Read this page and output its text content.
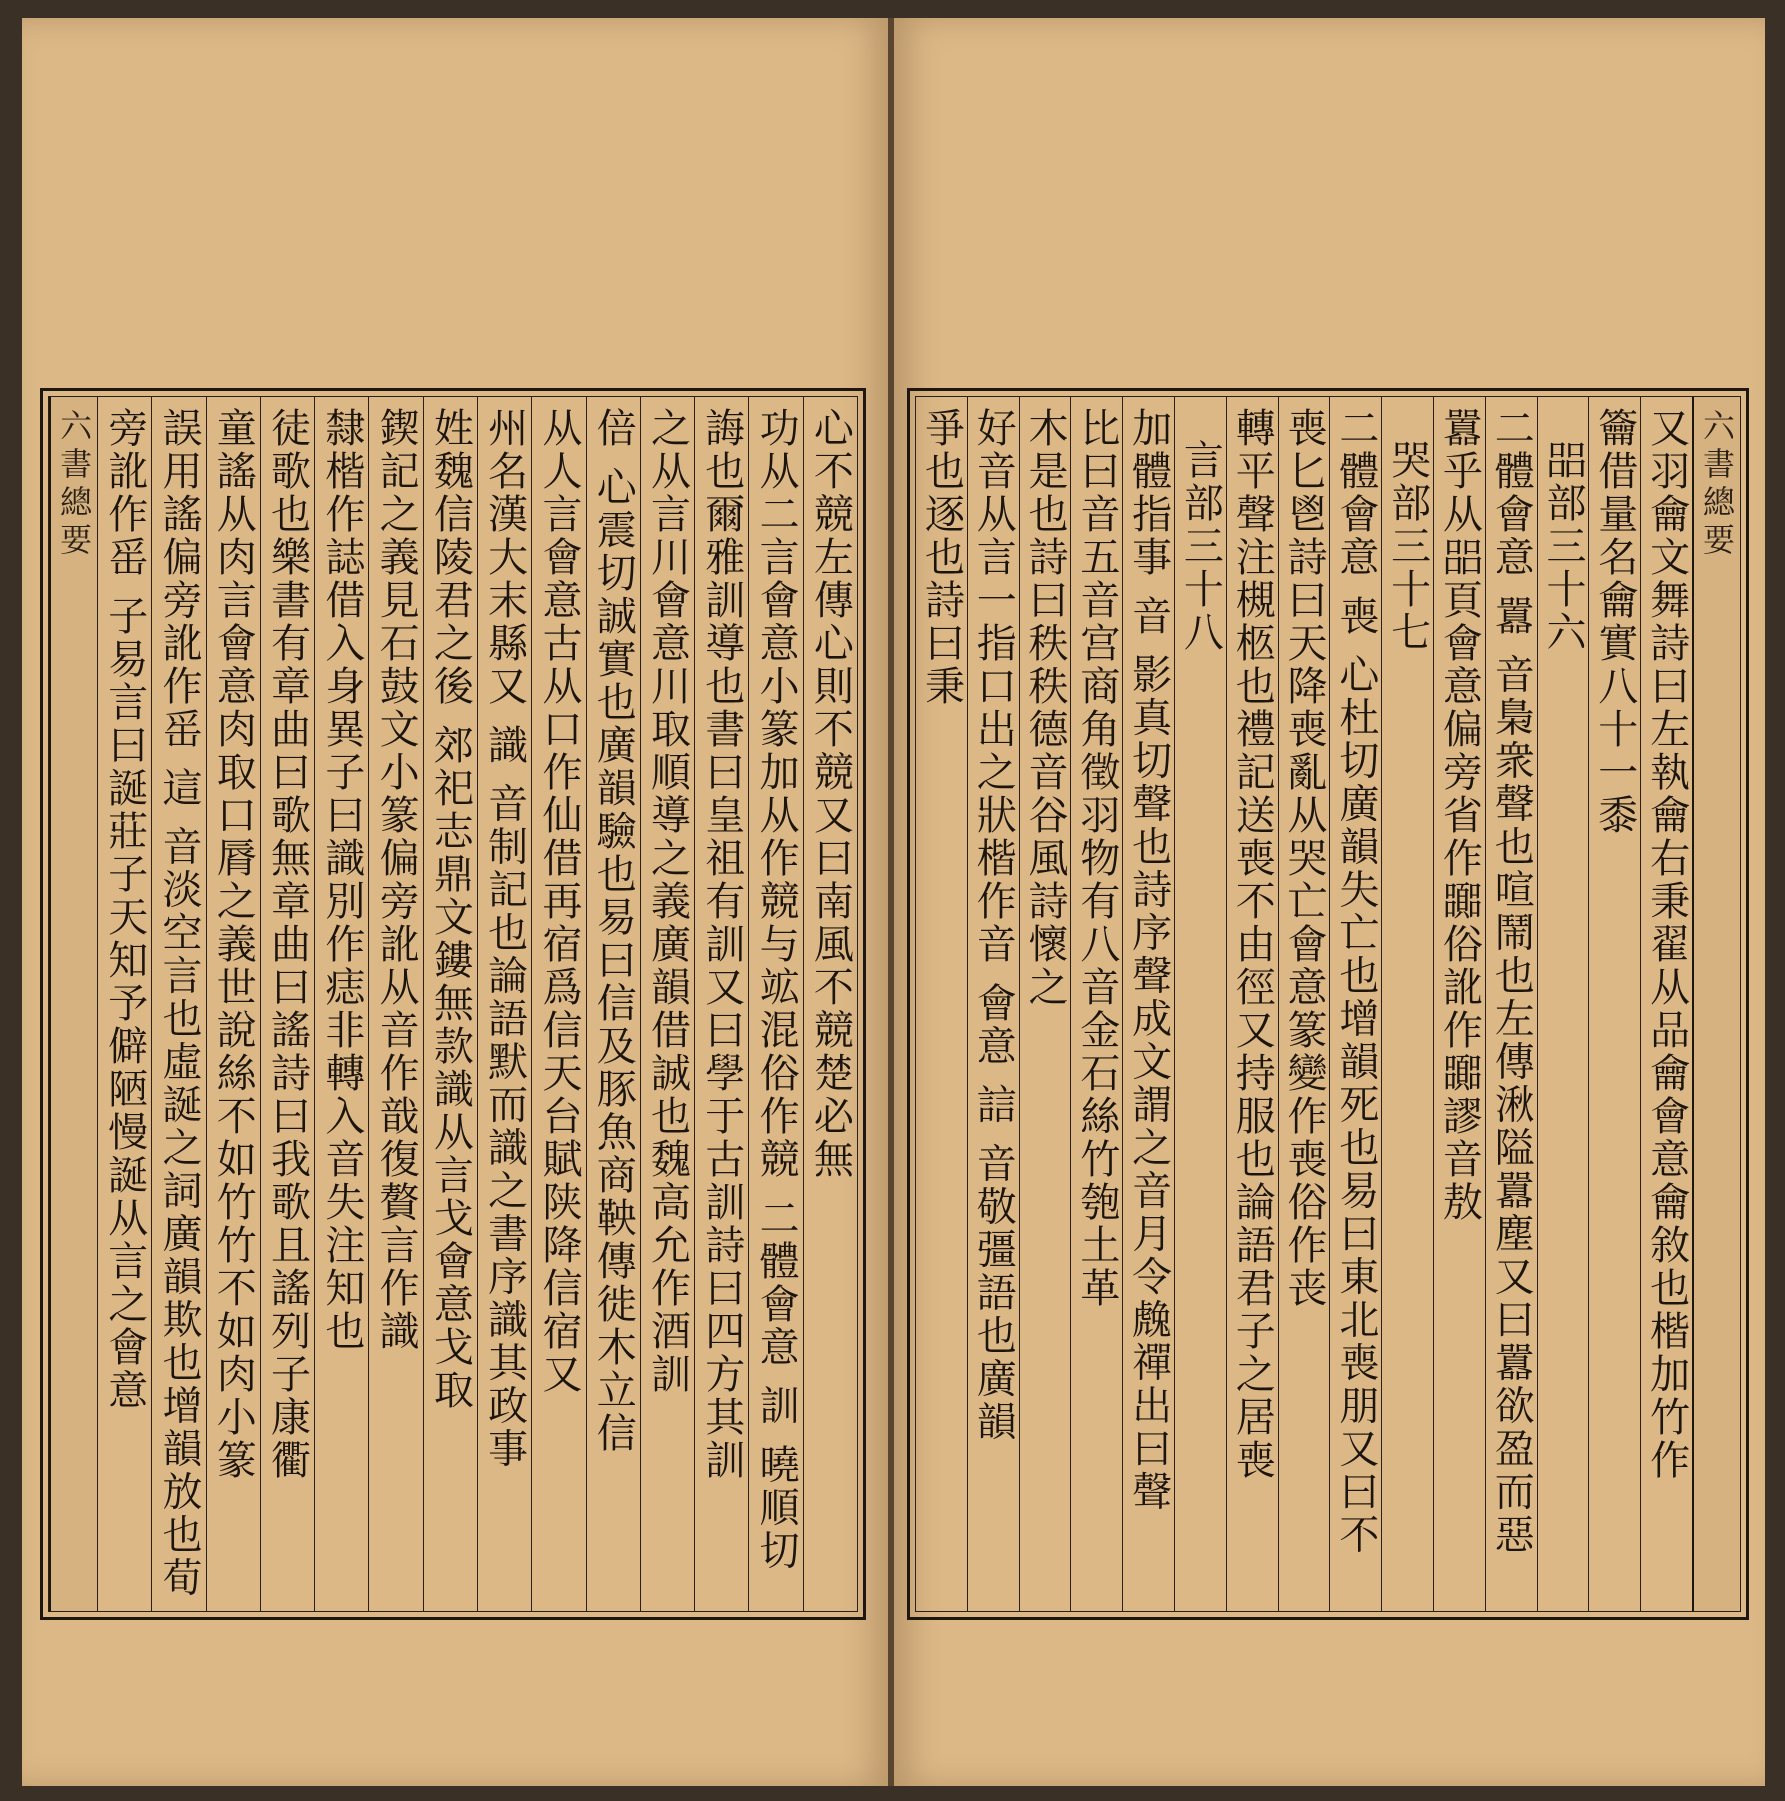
六書總要
又羽龠文舞詩曰左執龠右秉翟从品龠會意龠敘也楷加竹作
籥借量名龠實八十一黍
㗊部三十六
二體會意 囂 音梟衆聲也喧鬧也左傳湫隘囂塵又曰囂欲盈而惡
囂乎从㗊頁會意偏旁省作嚻俗訛作嚻謬音敖
哭部三十七
二體會意 喪 心杜切廣韻失亡也增韻死也易曰東北喪朋又曰不
喪匕鬯詩曰天降喪亂从哭亡會意篆變作喪俗作丧
轉平聲注槻柩也禮記送喪不由徑又持服也論語君子之居喪
言部三十八
加體指事 音 影真切聲也詩序聲成文謂之音月令䖘禪出曰聲
比曰音五音宫商角徵羽物有八音金石絲竹匏土革
木是也詩曰秩秩德音谷風詩懷之
好音从言一指口出之狀楷作音 會意 誩 音敬彊語也廣韻
爭也逐也詩曰秉
心不競左傳心則不競又曰南風不競楚必無
功从二言會意小篆加从作競与䇊混俗作競 二體會意 訓 曉順切
誨也爾雅訓導也書曰皇祖有訓又曰學于古訓詩曰四方其訓
之从言川會意川取順導之義廣韻借誠也魏高允作酒訓
倍 心震切誠實也廣韻驗也易曰信及豚魚商鞅傳徙木立信
从人言會意古从口作仙借再宿爲信天台賦陕降信宿又
州名漢大末縣又 識 音制記也論語默而識之書序識其政事
姓魏信陵君之後 郊祀志鼎文鏤無款識从言戈會意戈取
鍥記之義見石鼓文小篆偏旁訛从音作戠復贅言作識
隸楷作誌借入身異子曰識別作痣非轉入音失注知也
徒歌也樂書有章曲曰歌無章曲曰謠詩曰我歌且謠列子康衢
童謠从肉言會意肉取口脣之義世說絲不如竹竹不如肉小篆
誤用謠偏旁訛作䍃 這 音淡空言也虛誕之詞廣韻欺也增韻放也荀
旁訛作䍃 子易言曰誕莊子天知予僻陋慢誕从言之會意
六書總要
